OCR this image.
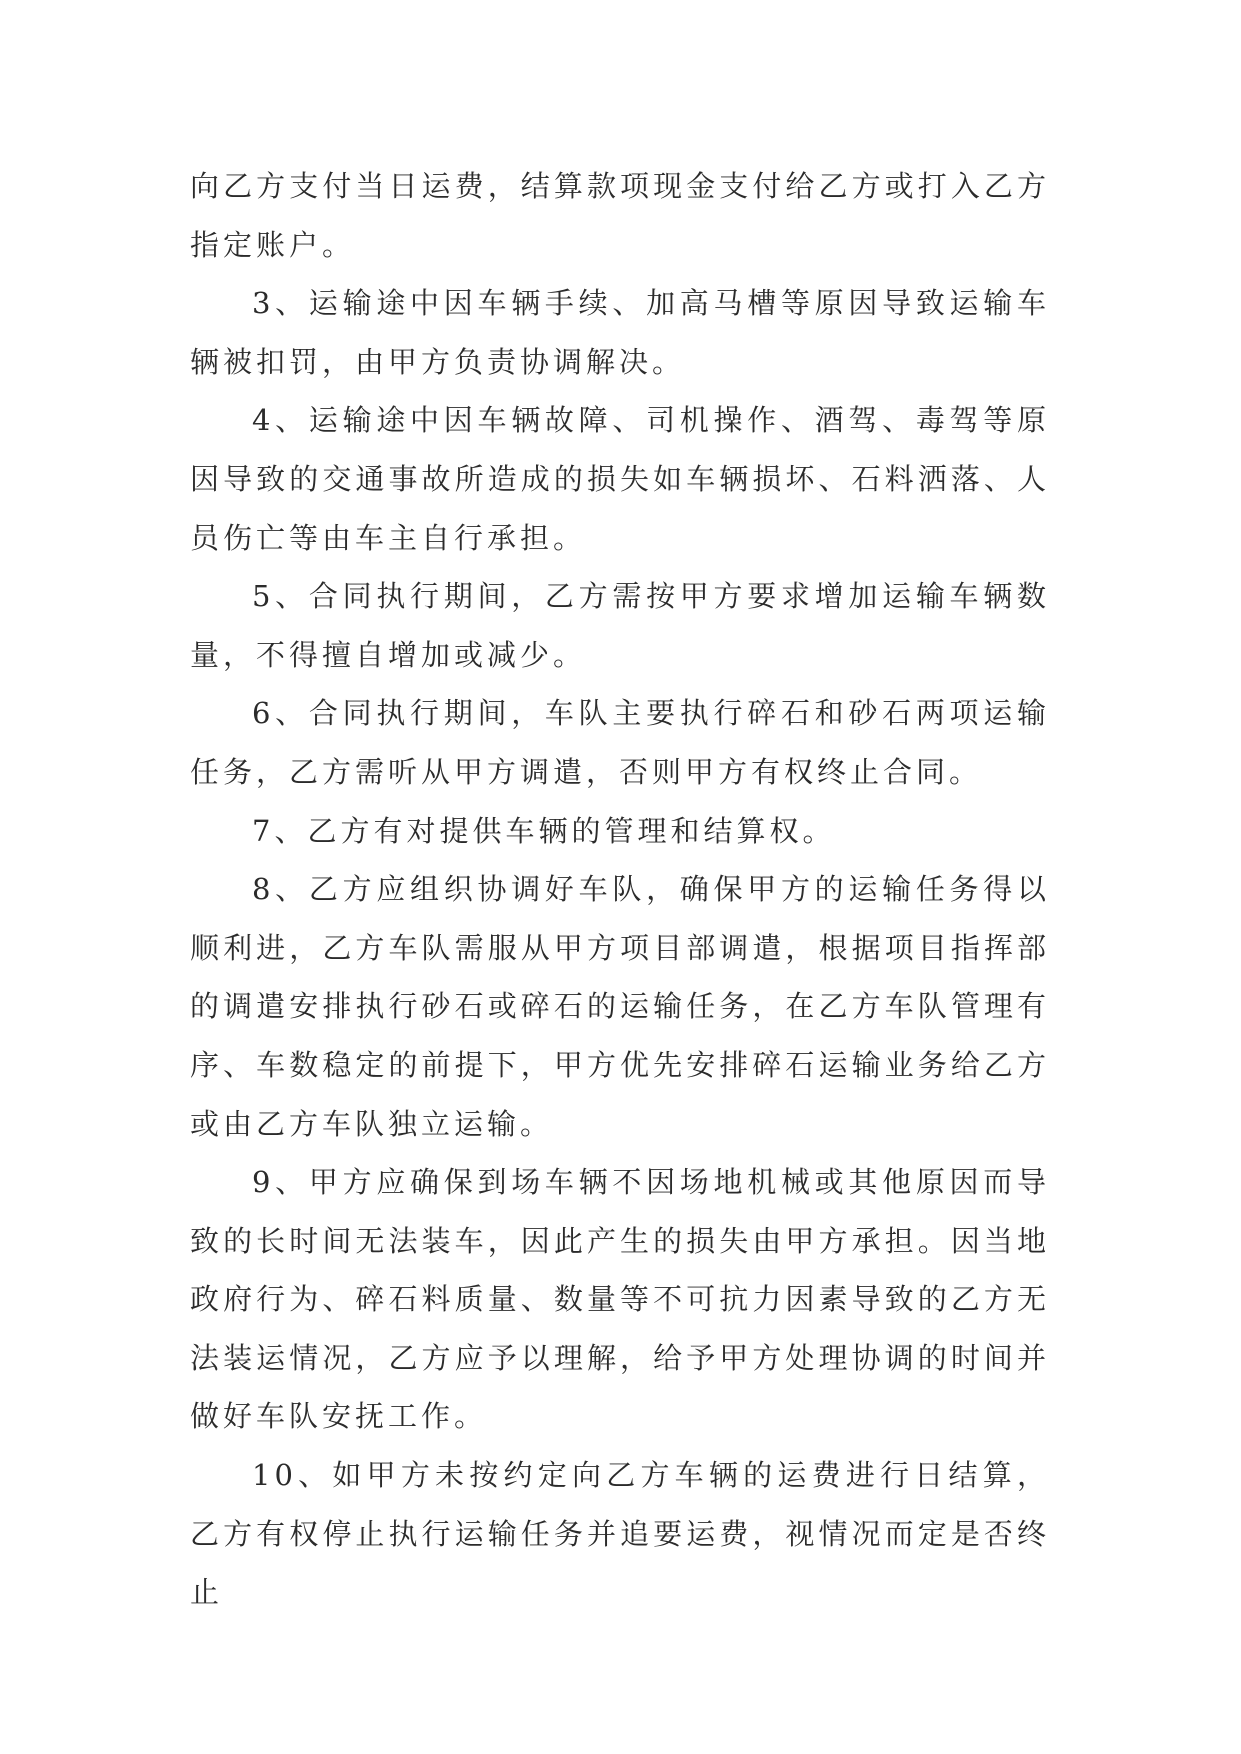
向乙方支付当日运费，结算款项现金支付给乙方或打入乙方指定账户。

3、运输途中因车辆手续、加高马槽等原因导致运输车辆被扣罚，由甲方负责协调解决。

4、运输途中因车辆故障、司机操作、酒驾、毒驾等原因导致的交通事故所造成的损失如车辆损坏、石料洒落、人员伤亡等由车主自行承担。

5、合同执行期间，乙方需按甲方要求增加运输车辆数量，不得擅自增加或减少。

6、合同执行期间，车队主要执行碎石和砂石两项运输任务，乙方需听从甲方调遣，否则甲方有权终止合同。

7、乙方有对提供车辆的管理和结算权。

8、乙方应组织协调好车队，确保甲方的运输任务得以顺利进，乙方车队需服从甲方项目部调遣，根据项目指挥部的调遣安排执行砂石或碎石的运输任务，在乙方车队管理有序、车数稳定的前提下，甲方优先安排碎石运输业务给乙方或由乙方车队独立运输。

9、甲方应确保到场车辆不因场地机械或其他原因而导致的长时间无法装车，因此产生的损失由甲方承担。因当地政府行为、碎石料质量、数量等不可抗力因素导致的乙方无法装运情况，乙方应予以理解，给予甲方处理协调的时间并做好车队安抚工作。

10、如甲方未按约定向乙方车辆的运费进行日结算，乙方有权停止执行运输任务并追要运费，视情况而定是否终止
